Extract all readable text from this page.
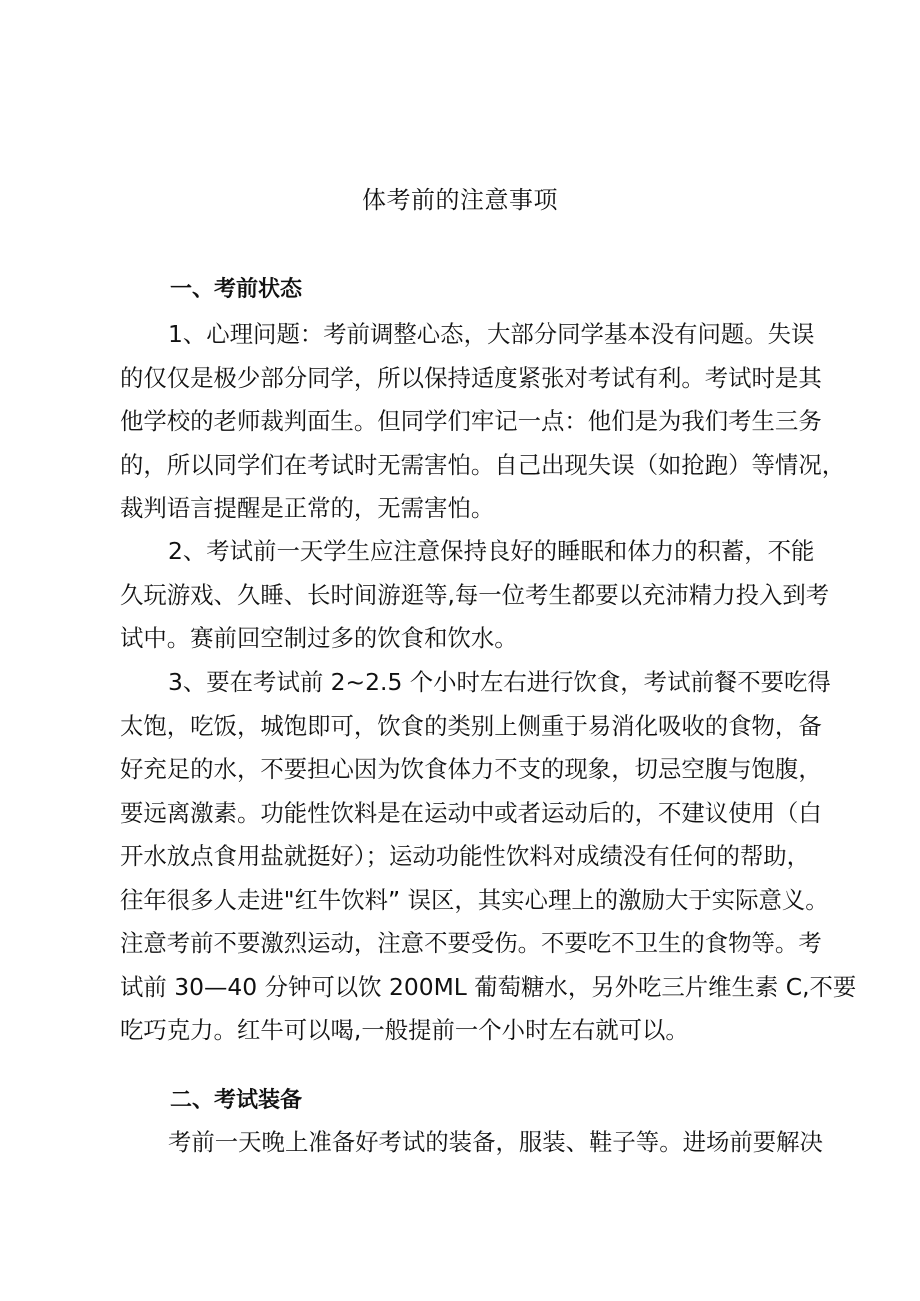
体考前的注意事项
一、考前状态
1、心理问题：考前调整心态，大部分同学基本没有问题。失误
的仅仅是极少部分同学，所以保持适度紧张对考试有利。考试时是其
他学校的老师裁判面生。但同学们牢记一点：他们是为我们考生三务
的，所以同学们在考试时无需害怕。自己出现失误（如抢跑）等情况，
裁判语言提醒是正常的，无需害怕。
2、考试前一天学生应注意保持良好的睡眠和体力的积蓄，不能
久玩游戏、久睡、长时间游逛等,每一位考生都要以充沛精力投入到考
试中。赛前回空制过多的饮食和饮水。
3、要在考试前 2~2.5 个小时左右进行饮食，考试前餐不要吃得
太饱，吃饭，城饱即可，饮食的类别上侧重于易消化吸收的食物，备
好充足的水，不要担心因为饮食体力不支的现象，切忌空腹与饱腹，
要远离激素。功能性饮料是在运动中或者运动后的，不建议使用（白
开水放点食用盐就挺好）；运动功能性饮料对成绩没有任何的帮助，
往年很多人走进"红牛饮料” 误区，其实心理上的激励大于实际意义。
注意考前不要激烈运动，注意不要受伤。不要吃不卫生的食物等。考
试前 30—40 分钟可以饮 200ML 葡萄糖水，另外吃三片维生素 C,不要
吃巧克力。红牛可以喝,一般提前一个小时左右就可以。
二、考试装备
考前一天晚上准备好考试的装备，服装、鞋子等。进场前要解决
